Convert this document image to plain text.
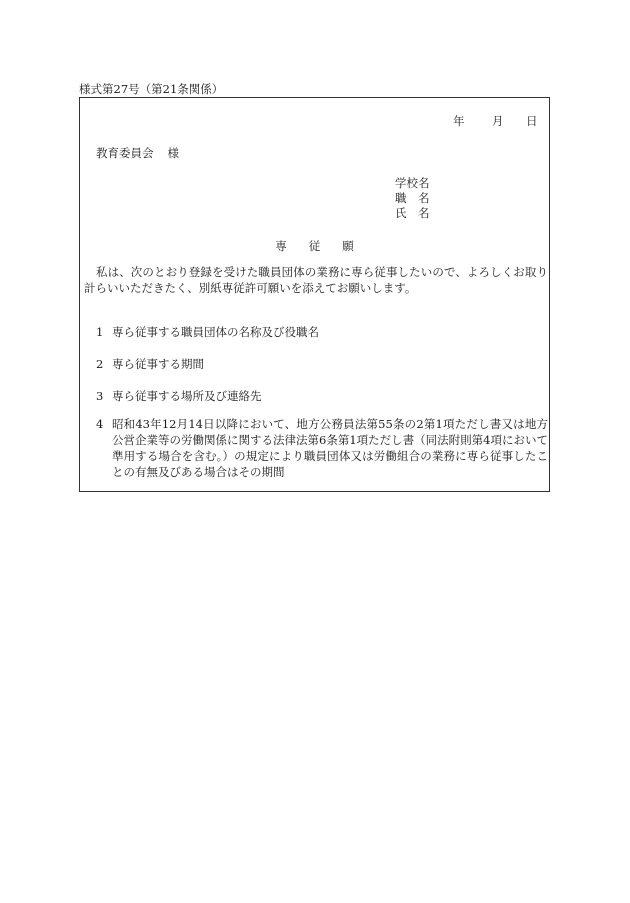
様式第27号（第21条関係）
年 月 日
教育委員会 様
学校名
職　名
氏　名
専従願
私は、次のとおり登録を受けた職員団体の業務に専ら従事したいので、よろしくお取り計らいいただきたく、別紙専従許可願いを添えてお願いします。
1 専ら従事する職員団体の名称及び役職名
2 専ら従事する期間
3 専ら従事する場所及び連絡先
4 昭和43年12月14日以降において、地方公務員法第55条の2第1項ただし書又は地方公営企業等の労働関係に関する法律法第6条第1項ただし書（同法附則第4項において準用する場合を含む。）の規定により職員団体又は労働組合の業務に専ら従事したことの有無及びある場合はその期間
